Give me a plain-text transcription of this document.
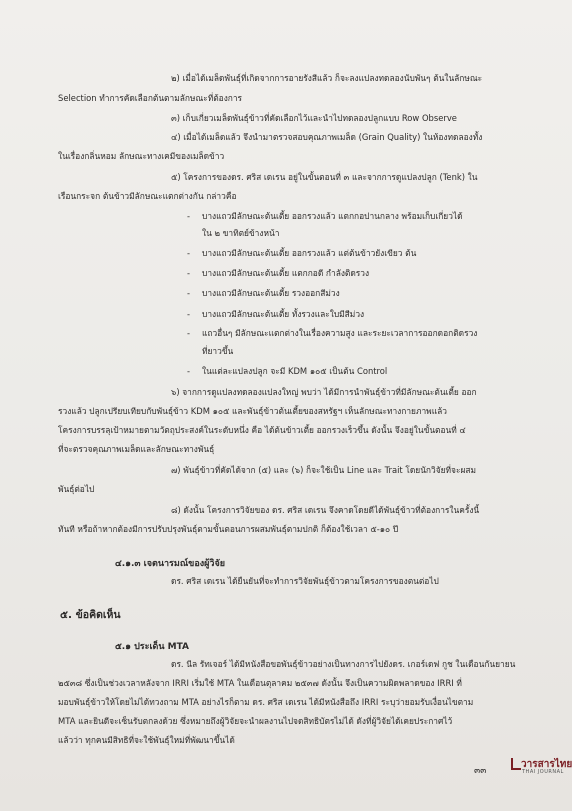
๒) เมื่อได้เมล็ดพันธุ์ที่เกิดจากการอายรังสีแล้ว ก็จะลงแปลงทดลองนับพันๆ ต้นในลักษณะ
Selection ทำการคัดเลือกต้นตามลักษณะที่ต้องการ
๓) เก็บเกี่ยวเมล็ดพันธุ์ข้าวที่คัดเลือกไว้และนำไปทดลองปลูกแบบ Row Observe
๔) เมื่อได้เมล็ดแล้ว จึงนำมาตรวจสอบคุณภาพเมล็ด (Grain Quality) ในห้องทดลองทั้ง
ในเรื่องกลิ่นหอม ลักษณะทางเคมีของเมล็ดข้าว
๕) โครงการของดร. ศริส เดเรน อยู่ในขั้นตอนที่ ๓ และจากการดูแปลงปลูก (Tenk) ใน
เรือนกระจก ต้นข้าวมีลักษณะแตกต่างกัน กล่าวคือ
- บางแถวมีลักษณะต้นเตี้ย ออกรวงแล้ว แตกกอปานกลาง พร้อมเก็บเกี่ยวได้
ใน ๒ ขาทิตย์ข้างหน้า
- บางแถวมีลักษณะต้นเตี้ย ออกรวงแล้ว แต่ต้นข้าวยังเขียว ต้น
- บางแถวมีลักษณะต้นเตี้ย แตกกอดี กำลังติดรวง
- บางแถวมีลักษณะต้นเตี้ย รวงออกสีม่วง
- บางแถวมีลักษณะต้นเตี้ย ทั้งรวงและใบมีสีม่วง
- แถวอื่นๆ มีลักษณะแตกต่างในเรื่องความสูง และระยะเวลาการออกดอกติดรวง
ที่ยาวขึ้น
- ในแต่ละแปลงปลูก จะมี KDM ๑๐๕ เป็นต้น Control
๖) จากการดูแปลงทดลองแปลงใหญ่ พบว่า ได้มีการนำพันธุ์ข้าวที่มีลักษณะต้นเตี้ย ออก
รวงแล้ว ปลูกเปรียบเทียบกับพันธุ์ข้าว KDM ๑๐๕ และพันธุ์ข้าวต้นเตี้ยของสหรัฐฯ เห็นลักษณะทางกายภาพแล้ว
โครงการบรรลุเป้าหมายตามวัตถุประสงค์ในระดับหนึ่ง คือ ได้ต้นข้าวเตี้ย ออกรวงเร็วขึ้น ดังนั้น จึงอยู่ในขั้นตอนที่ ๔
ที่จะตรวจคุณภาพเมล็ดและลักษณะทางพันธุ์
๗) พันธุ์ข้าวที่คัดได้จาก (๕) และ (๖) ก็จะใช้เป็น Line และ Trait โดยนักวิจัยที่จะผสม
พันธุ์ต่อไป
๘) ดังนั้น โครงการวิจัยของ ดร. ศริส เดเรน จึงคาดโดยดีได้พันธุ์ข้าวที่ต้องการในครั้งนี้
ทันที หรือถ้าหากต้องมีการปรับปรุงพันธุ์ตามขั้นตอนการผสมพันธุ์ตามปกติ ก็ต้องใช้เวลา ๕-๑๐ ปี
๔.๑.๓ เจตนารมณ์ของผู้วิจัย
ดร. ศริส เดเรน ได้ยืนยันที่จะทำการวิจัยพันธุ์ข้าวตามโครงการของตนต่อไป
๕. ข้อคิดเห็น
๕.๑ ประเด็น MTA
ดร. นีล รัทเจอร์ ได้มีหนังสือขอพันธุ์ข้าวอย่างเป็นทางการไปยังดร. เกอร์เดฟ กูช ในเดือนกันยายน
๒๕๓๘ ซึ่งเป็นช่วงเวลาหลังจาก IRRI เริ่มใช้ MTA ในเดือนตุลาคม ๒๕๓๗ ดังนั้น จึงเป็นความผิดพลาดของ IRRI ที่
มอบพันธุ์ข้าวให้โดยไม่ได้ทวงถาม MTA อย่างไรก็ตาม ดร. ศริส เดเรน ได้มีหนังสือถึง IRRI ระบุว่ายอมรับเงื่อนไขตาม
MTA และยินดีจะเซ็นรับตกลงด้วย ซึ่งหมายถึงผู้วิจัยจะนำผลงานไปจดสิทธิบัตรไม่ได้ ดังที่ผู้วิจัยได้เคยประกาศไว้
แล้วว่า ทุกคนมีสิทธิที่จะใช้พันธุ์ใหม่ที่พัฒนาขึ้นได้
๓๓
วารสารไทย
THAI JOURNAL
